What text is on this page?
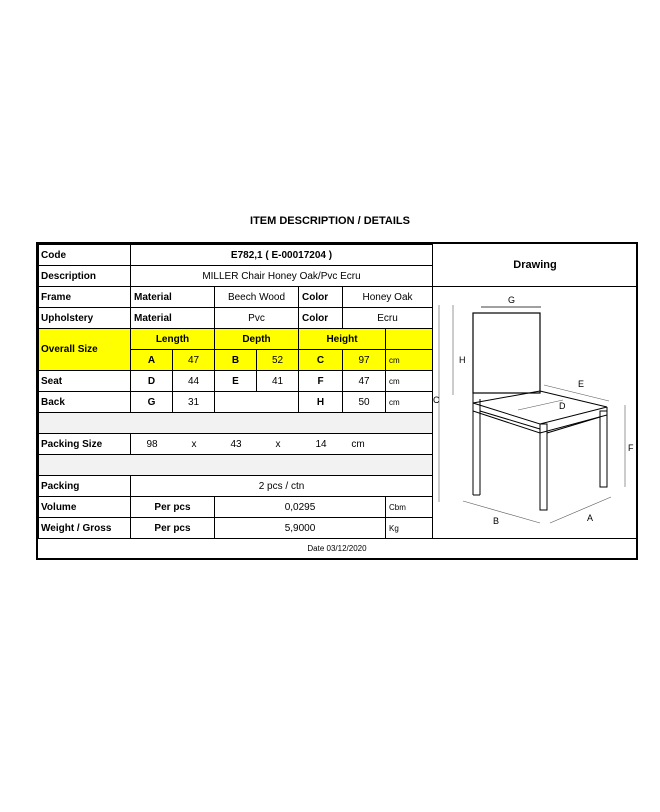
ITEM DESCRIPTION / DETAILS
Code	E782,1 ( E-00017204 )						
Description	MILLER Chair Honey Oak/Pvc Ecru						
Frame	Material		Beech Wood		Color	Honey Oak	
Upholstery	Material		Pvc		Color	Ecru	
Overall Size	Length		Depth		Height		
	A	47	B	52	C	97	cm
Seat	D	44	E	41	F	47	cm
Back	G	31			H	50	cm

Packing Size	98 x 43 x 14 cm						

Packing	2 pcs / ctn						
Volume	Per pcs		0,0295				Cbm
Weight / Gross	Per pcs		5,9000				Kg
Drawing
G
H
C
E
D
F
B	A
Date 03/12/2020
